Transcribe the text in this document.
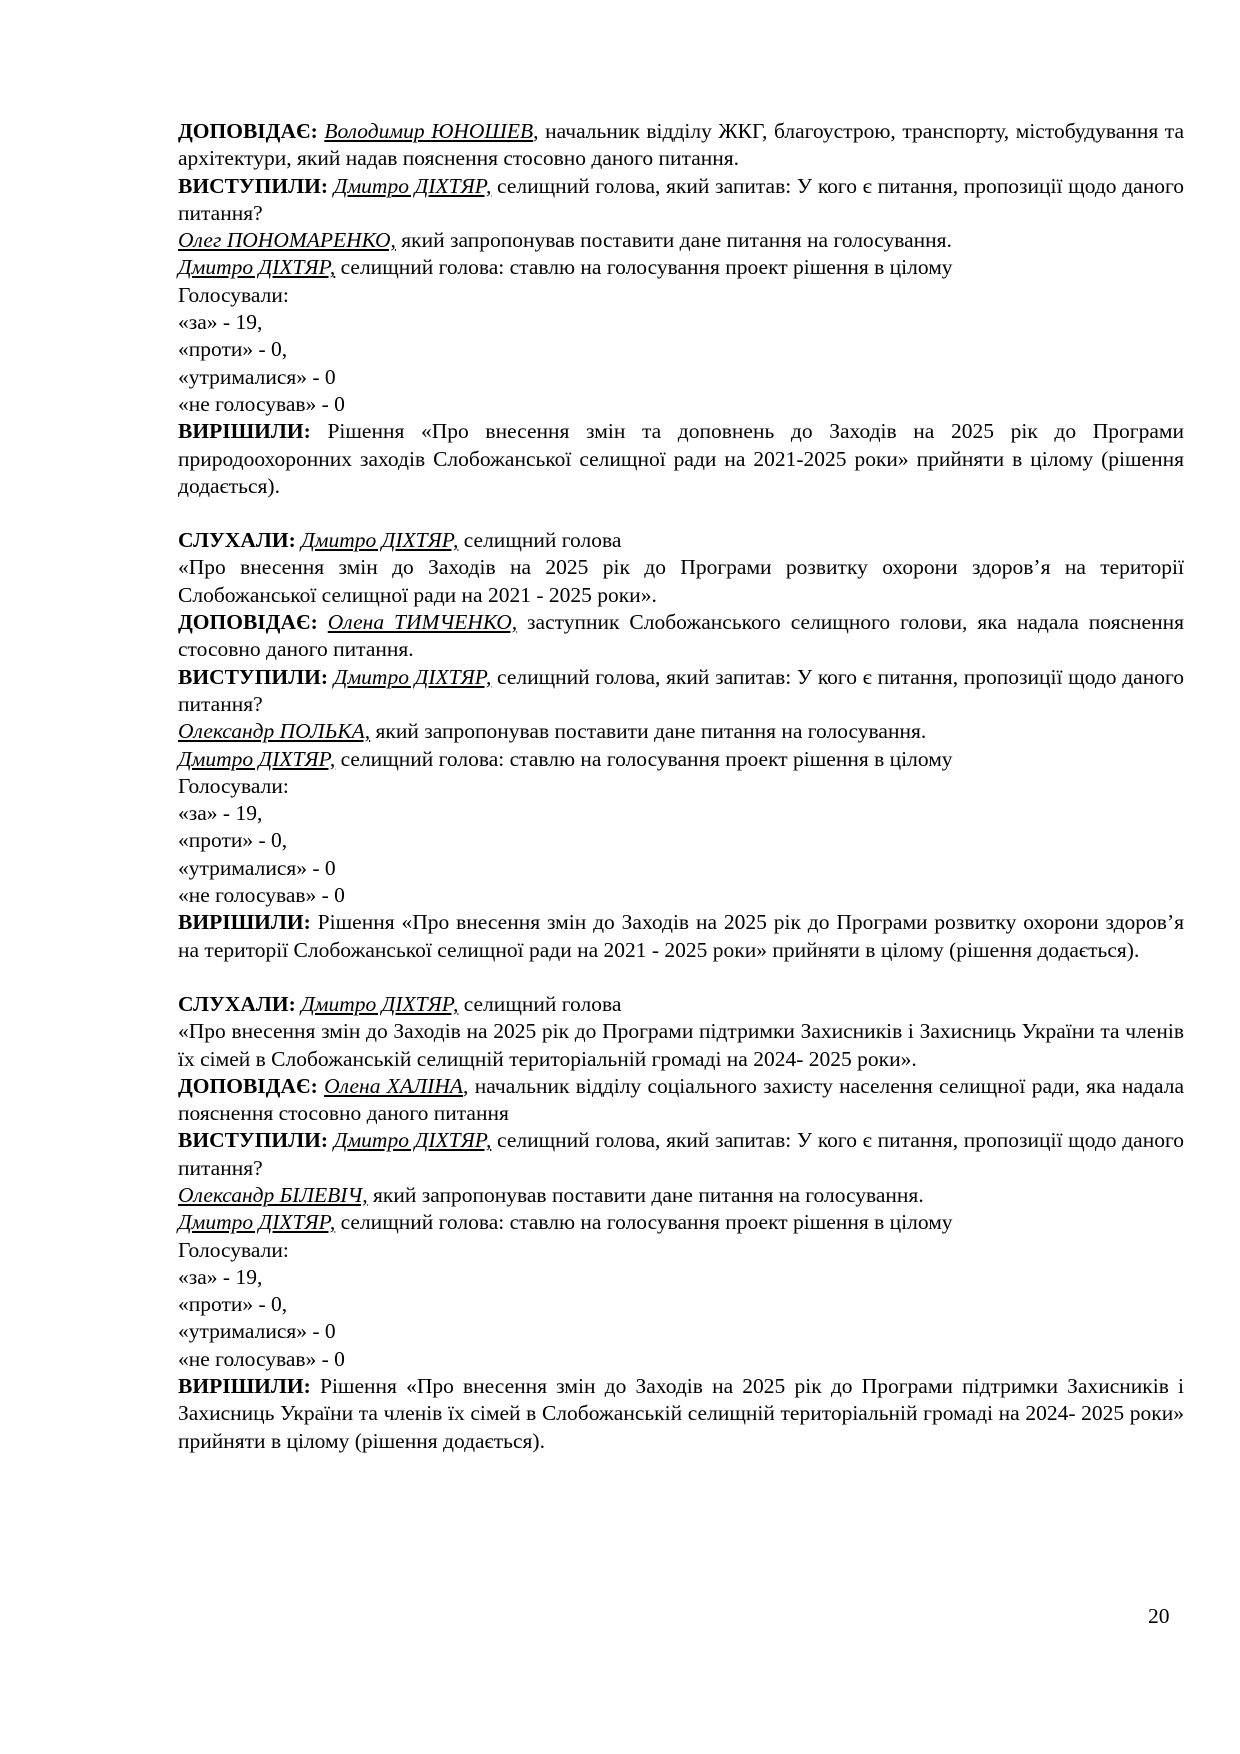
ДОПОВІДАЄ: Володимир ЮНОШЕВ, начальник відділу ЖКГ, благоустрою, транспорту, містобудування та архітектури, який надав пояснення стосовно даного питання.

ВИСТУПИЛИ: Дмитро ДІХТЯР, селищний голова, який запитав: У кого є питання, пропозиції щодо даного питання?

Олег ПОНОМАРЕНКО, який запропонував поставити дане питання на голосування.

Дмитро ДІХТЯР, селищний голова: ставлю на голосування проект рішення в цілому

Голосували:

«за» - 19,

«проти» - 0,

«утрималися» - 0

«не голосував» - 0

ВИРІШИЛИ: Рішення «Про внесення змін та доповнень до Заходів на 2025 рік до Програми природоохоронних заходів Слобожанської селищної ради на 2021-2025 роки» прийняти в цілому (рішення додається).

СЛУХАЛИ: Дмитро ДІХТЯР, селищний голова

«Про внесення змін до Заходів на 2025 рік до Програми розвитку охорони здоров’я на території Слобожанської селищної ради на 2021 - 2025 роки».

ДОПОВІДАЄ: Олена ТИМЧЕНКО, заступник Слобожанського селищного голови, яка надала пояснення стосовно даного питання.

ВИСТУПИЛИ: Дмитро ДІХТЯР, селищний голова, який запитав: У кого є питання, пропозиції щодо даного питання?

Олександр ПОЛЬКА, який запропонував поставити дане питання на голосування.

Дмитро ДІХТЯР, селищний голова: ставлю на голосування проект рішення в цілому

Голосували:

«за» - 19,

«проти» - 0,

«утрималися» - 0

«не голосував» - 0

ВИРІШИЛИ: Рішення «Про внесення змін до Заходів на 2025 рік до Програми розвитку охорони здоров’я на території Слобожанської селищної ради на 2021 - 2025 роки» прийняти в цілому (рішення додається).

СЛУХАЛИ: Дмитро ДІХТЯР, селищний голова

«Про внесення змін до Заходів на 2025 рік до Програми підтримки Захисників і Захисниць України та членів їх сімей в Слобожанській селищній територіальній громаді на 2024- 2025 роки».

ДОПОВІДАЄ: Олена ХАЛІНА, начальник відділу соціального захисту населення селищної ради, яка надала пояснення стосовно даного питання

ВИСТУПИЛИ: Дмитро ДІХТЯР, селищний голова, який запитав: У кого є питання, пропозиції щодо даного питання?

Олександр БІЛЕВІЧ, який запропонував поставити дане питання на голосування.

Дмитро ДІХТЯР, селищний голова: ставлю на голосування проект рішення в цілому

Голосували:

«за» - 19,

«проти» - 0,

«утрималися» - 0

«не голосував» - 0

ВИРІШИЛИ: Рішення «Про внесення змін до Заходів на 2025 рік до Програми підтримки Захисників і Захисниць України та членів їх сімей в Слобожанській селищній територіальній громаді на 2024- 2025 роки» прийняти в цілому (рішення додається).

20
